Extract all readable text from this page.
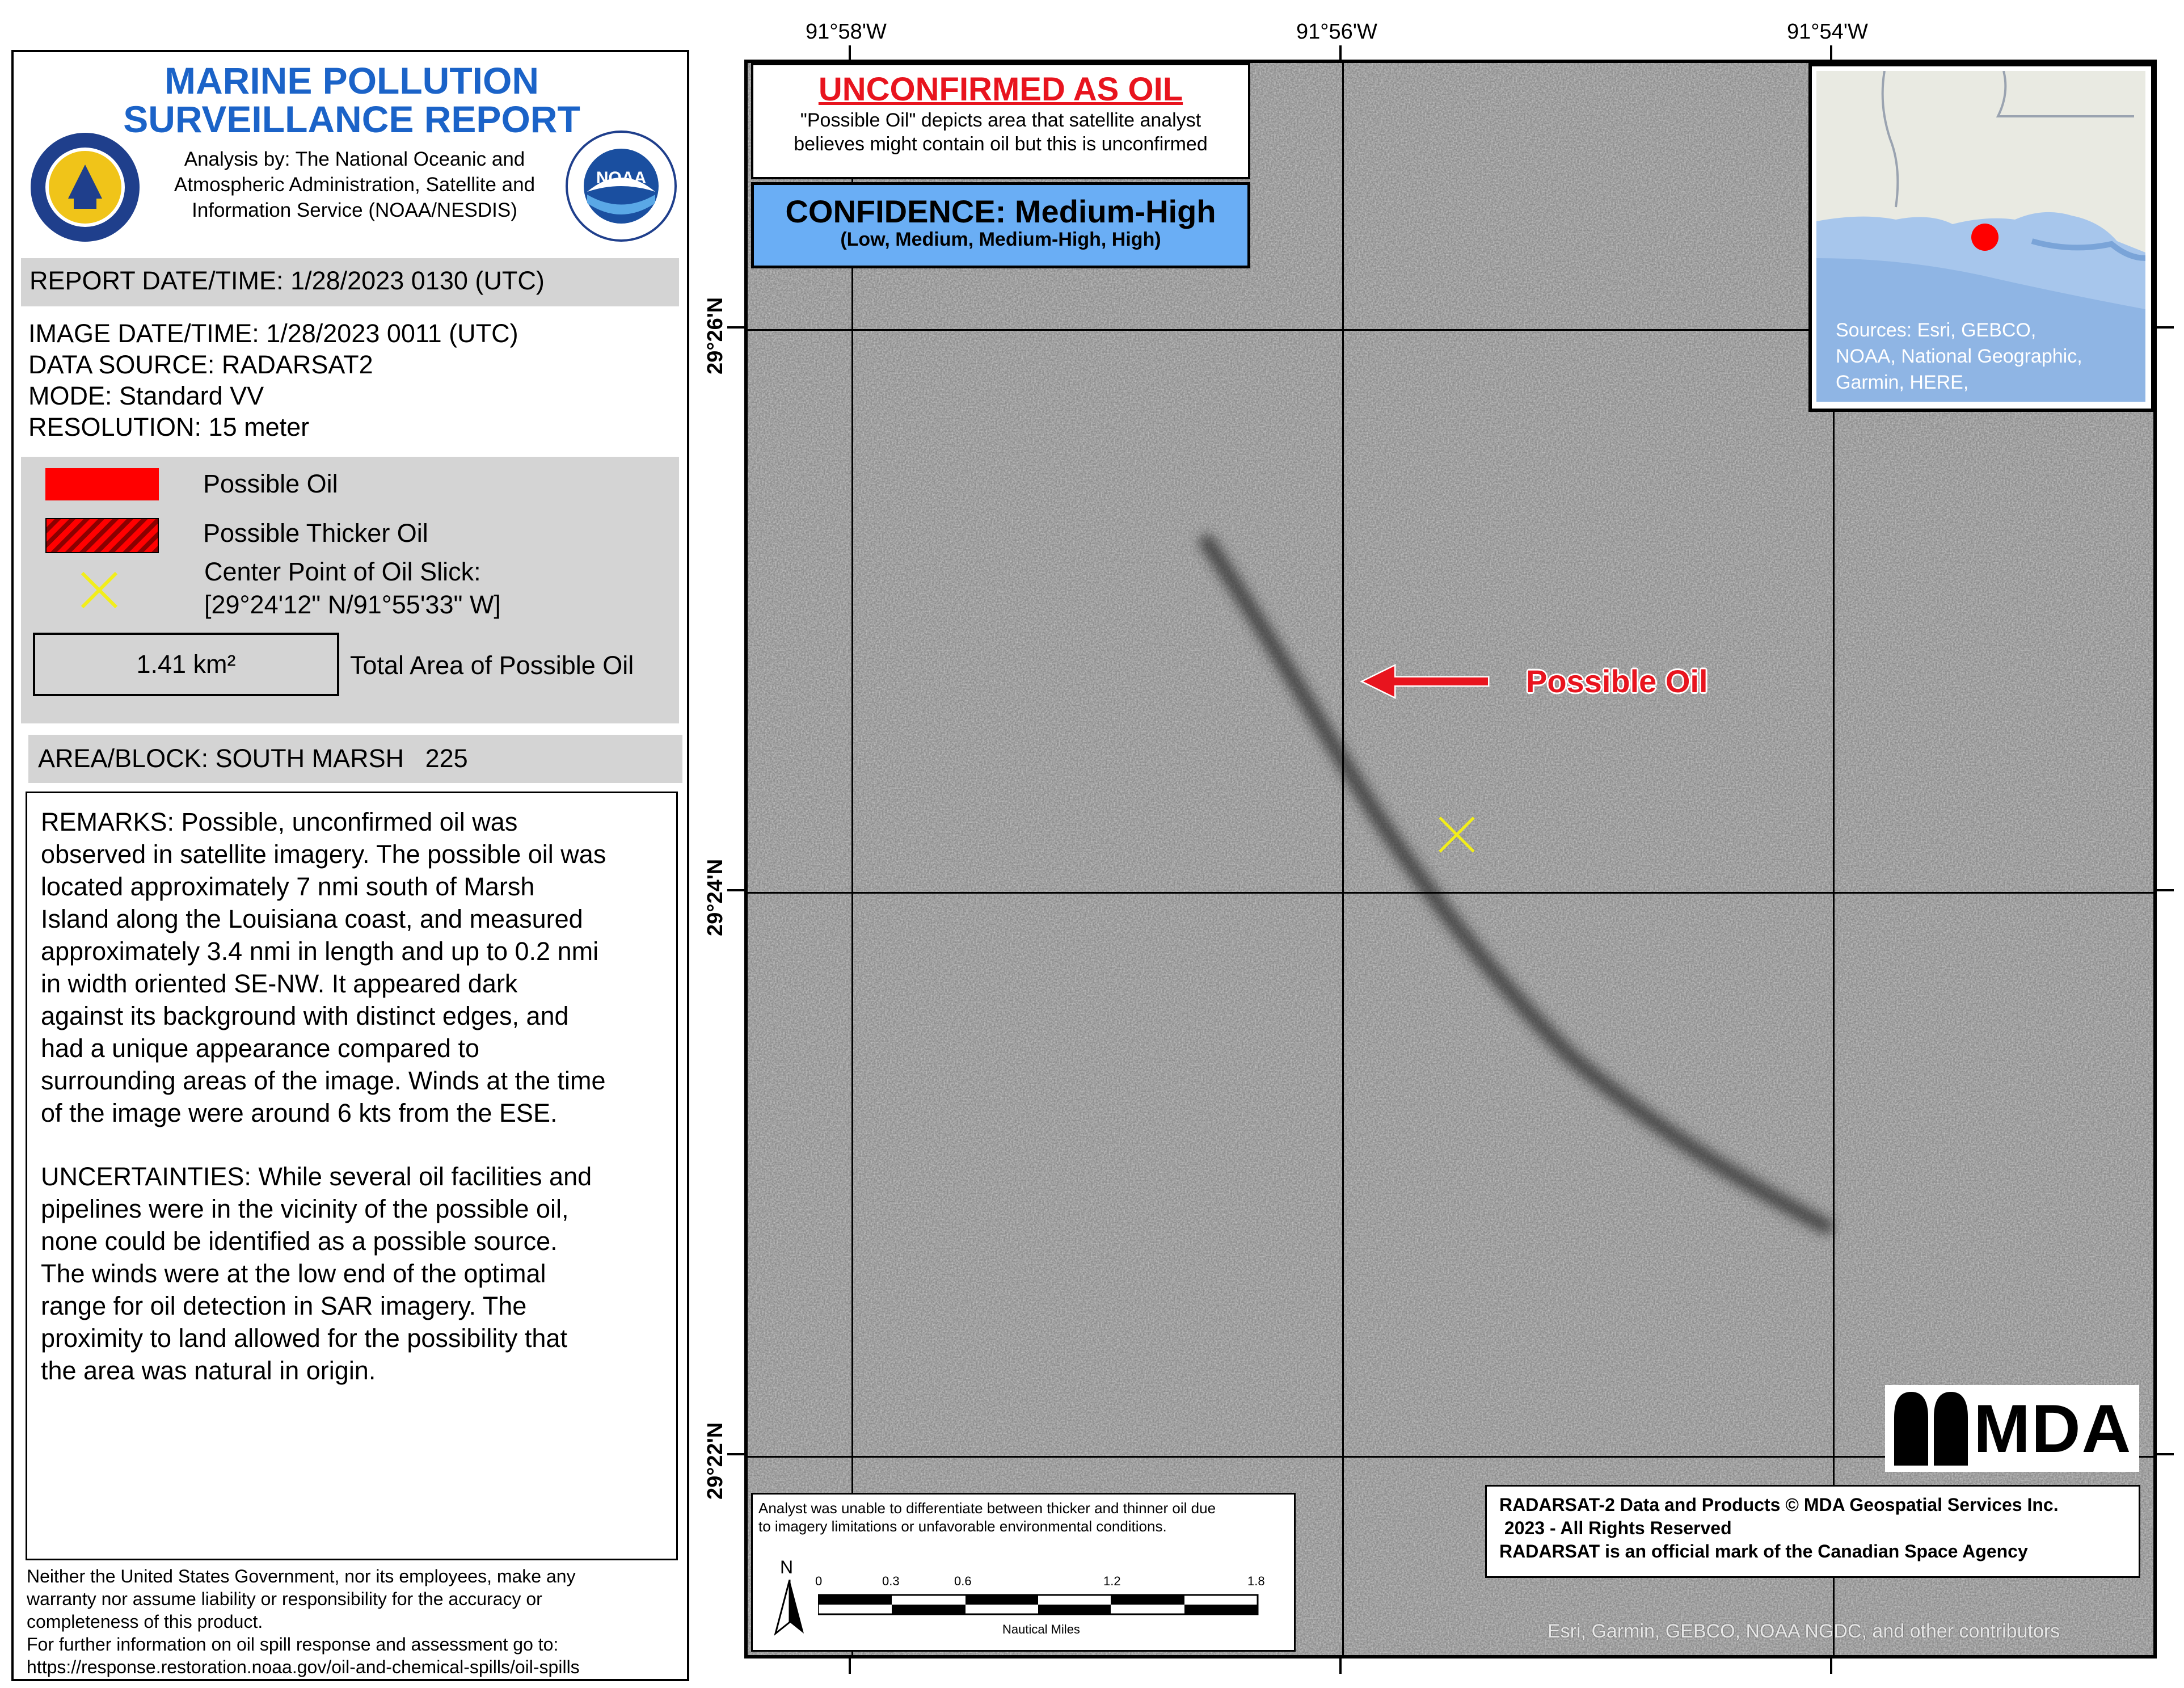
MARINE POLLUTION
SURVEILLANCE REPORT
Analysis by: The National Oceanic and
Atmospheric Administration, Satellite and
Information Service (NOAA/NESDIS)
NOAA
REPORT DATE/TIME: 1/28/2023 0130 (UTC)
IMAGE DATE/TIME: 1/28/2023 0011 (UTC)
DATA SOURCE: RADARSAT2
MODE: Standard VV
RESOLUTION: 15 meter
Possible Oil
Possible Thicker Oil
Center Point of Oil Slick:
[29°24'12" N/91°55'33" W]
1.41 km²	Total Area of Possible Oil
AREA/BLOCK: SOUTH MARSH   225
REMARKS: Possible, unconfirmed oil was
observed in satellite imagery. The possible oil was
located approximately 7 nmi south of Marsh
Island along the Louisiana coast, and measured
approximately 3.4 nmi in length and up to 0.2 nmi
in width oriented SE-NW. It appeared dark
against its background with distinct edges, and
had a unique appearance compared to
surrounding areas of the image. Winds at the time
of the image were around 6 kts from the ESE.
UNCERTAINTIES: While several oil facilities and
pipelines were in the vicinity of the possible oil,
none could be identified as a possible source.
The winds were at the low end of the optimal
range for oil detection in SAR imagery. The
proximity to land allowed for the possibility that
the area was natural in origin.
Neither the United States Government, nor its employees, make any
warranty nor assume liability or responsibility for the accuracy or
completeness of this product.
For further information on oil spill response and assessment go to:
https://response.restoration.noaa.gov/oil-and-chemical-spills/oil-spills
91°58'W	91°56'W	91°54'W
29°26'N
29°24'N
29°22'N
Possible Oil
UNCONFIRMED AS OIL
"Possible Oil" depicts area that satellite analyst
believes might contain oil but this is unconfirmed
CONFIDENCE: Medium-High
(Low, Medium, Medium-High, High)
Sources: Esri, GEBCO,
NOAA, National Geographic,
Garmin, HERE,
MDA
Analyst was unable to differentiate between thicker and thinner oil due
to imagery limitations or unfavorable environmental conditions.
N
0	0.3	0.6	1.2	1.8
Nautical Miles
RADARSAT-2 Data and Products © MDA Geospatial Services Inc.
2023 - All Rights Reserved
RADARSAT is an official mark of the Canadian Space Agency
Esri, Garmin, GEBCO, NOAA NGDC, and other contributors
